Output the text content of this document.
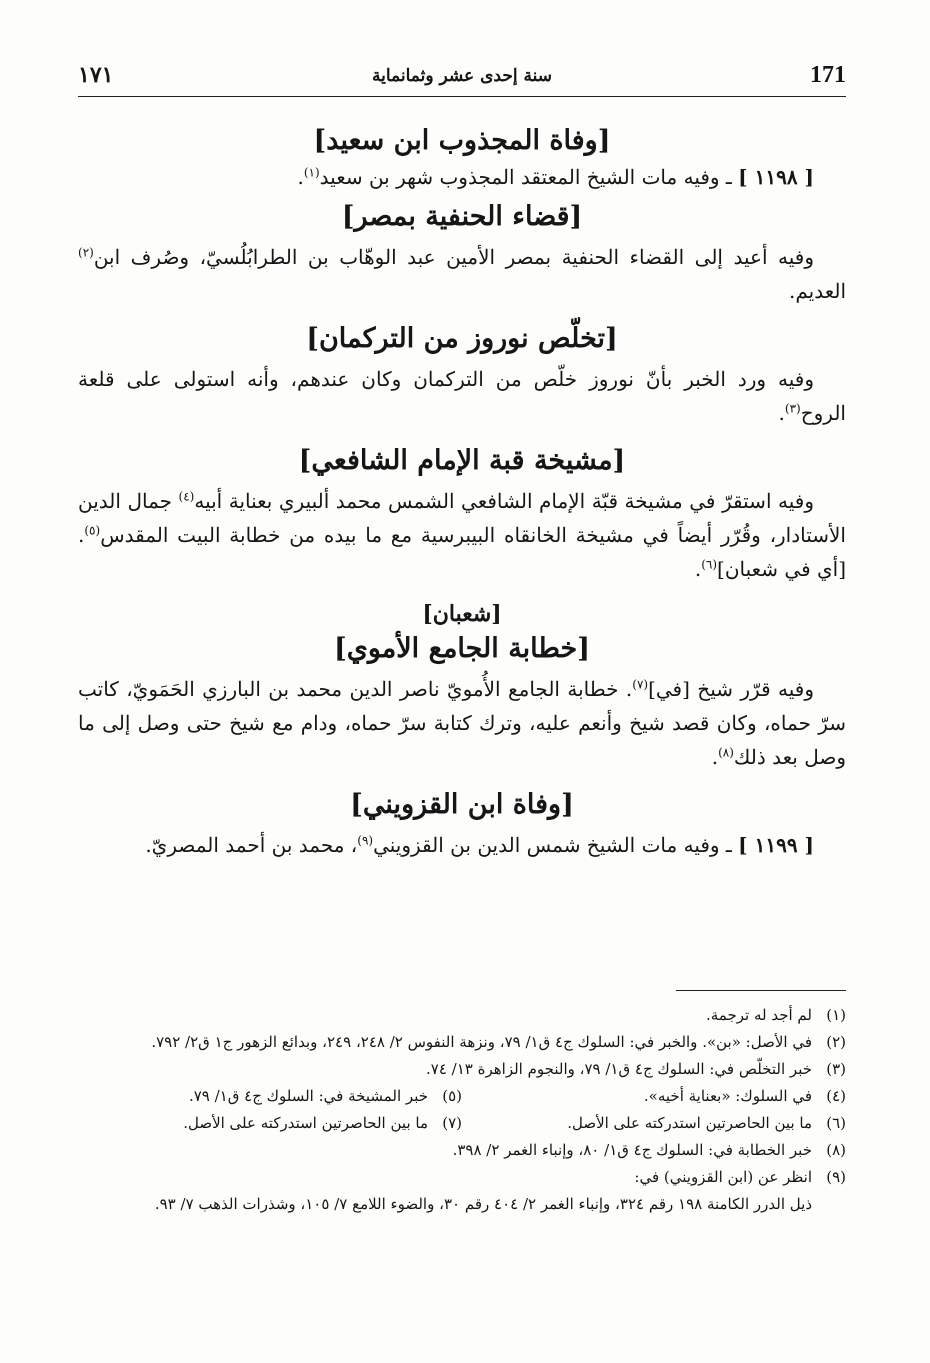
171
سنة إحدى عشر وثمانماية
١٧١
[وفاة المجذوب ابن سعيد]

[ ١١٩٨ ] ـ وفيه مات الشيخ المعتقد المجذوب شهر بن سعيد$^{(١)}$.

[قضاء الحنفية بمصر]

وفيه أعيد إلى القضاء الحنفية بمصر الأمين عبد الوهّاب بن الطرابُلُسيّ، وصُرف ابن$^{(٢)}$ العديم.

[تخلّص نوروز من التركمان]

وفيه ورد الخبر بأنّ نوروز خلّص من التركمان وكان عندهم، وأنه استولى على قلعة الروح$^{(٣)}$.

[مشيخة قبة الإمام الشافعي]

وفيه استقرّ في مشيخة قبّة الإمام الشافعي الشمس محمد ألبيري بعناية أبيه$^{(٤)}$ جمال الدين الأستادار، وقُرّر أيضاً في مشيخة الخانقاه البيبرسية مع ما بيده من خطابة البيت المقدس$^{(٥)}$. [أي في شعبان]$^{(٦)}$.

[شعبان]
[خطابة الجامع الأموي]

وفيه قرّر شيخ [في]$^{(٧)}$. خطابة الجامع الأُمويّ ناصر الدين محمد بن البارزي الحَمَويّ، كاتب سرّ حماه، وكان قصد شيخ وأنعم عليه، وترك كتابة سرّ حماه، ودام مع شيخ حتى وصل إلى ما وصل بعد ذلك$^{(٨)}$.

[وفاة ابن القزويني]

[ ١١٩٩ ] ـ وفيه مات الشيخ شمس الدين بن القزويني$^{(٩)}$، محمد بن أحمد المصريّ.

(١)
لم أجد له ترجمة.
(٢)
في الأصل: «بن». والخبر في: السلوك ج٤ ق١/ ٧٩، ونزهة النفوس ٢/ ٢٤٨، ٢٤٩، وبدائع الزهور ج١ ق٢/ ٧٩٢.
(٣)
خبر التخلّص في: السلوك ج٤ ق١/ ٧٩، والنجوم الزاهرة ١٣/ ٧٤.
(٤)
في السلوك: «بعناية أخيه».
(٥)
خبر المشيخة في: السلوك ج٤ ق١/ ٧٩.
(٦)
ما بين الحاصرتين استدركته على الأصل.
(٧)
ما بين الحاصرتين استدركته على الأصل.
(٨)
خبر الخطابة في: السلوك ج٤ ق١/ ٨٠، وإنباء الغمر ٢/ ٣٩٨.
(٩)
انظر عن (ابن القزويني) في:
ذيل الدرر الكامنة ١٩٨ رقم ٣٢٤، وإنباء الغمر ٢/ ٤٠٤ رقم ٣٠، والضوء اللامع ٧/ ١٠٥، وشذرات الذهب ٧/ ٩٣.
